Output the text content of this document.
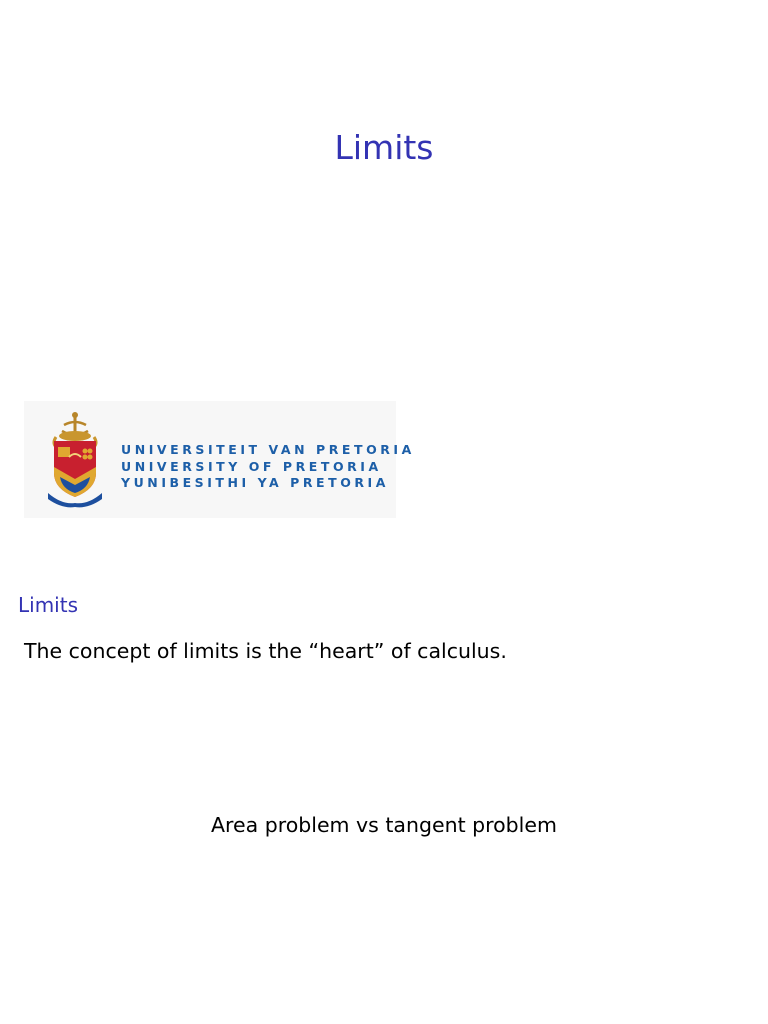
Limits
UNIVERSITEIT VAN PRETORIA
UNIVERSITY OF PRETORIA
YUNIBESITHI YA PRETORIA
Limits
The concept of limits is the “heart” of calculus.
Area problem vs tangent problem
